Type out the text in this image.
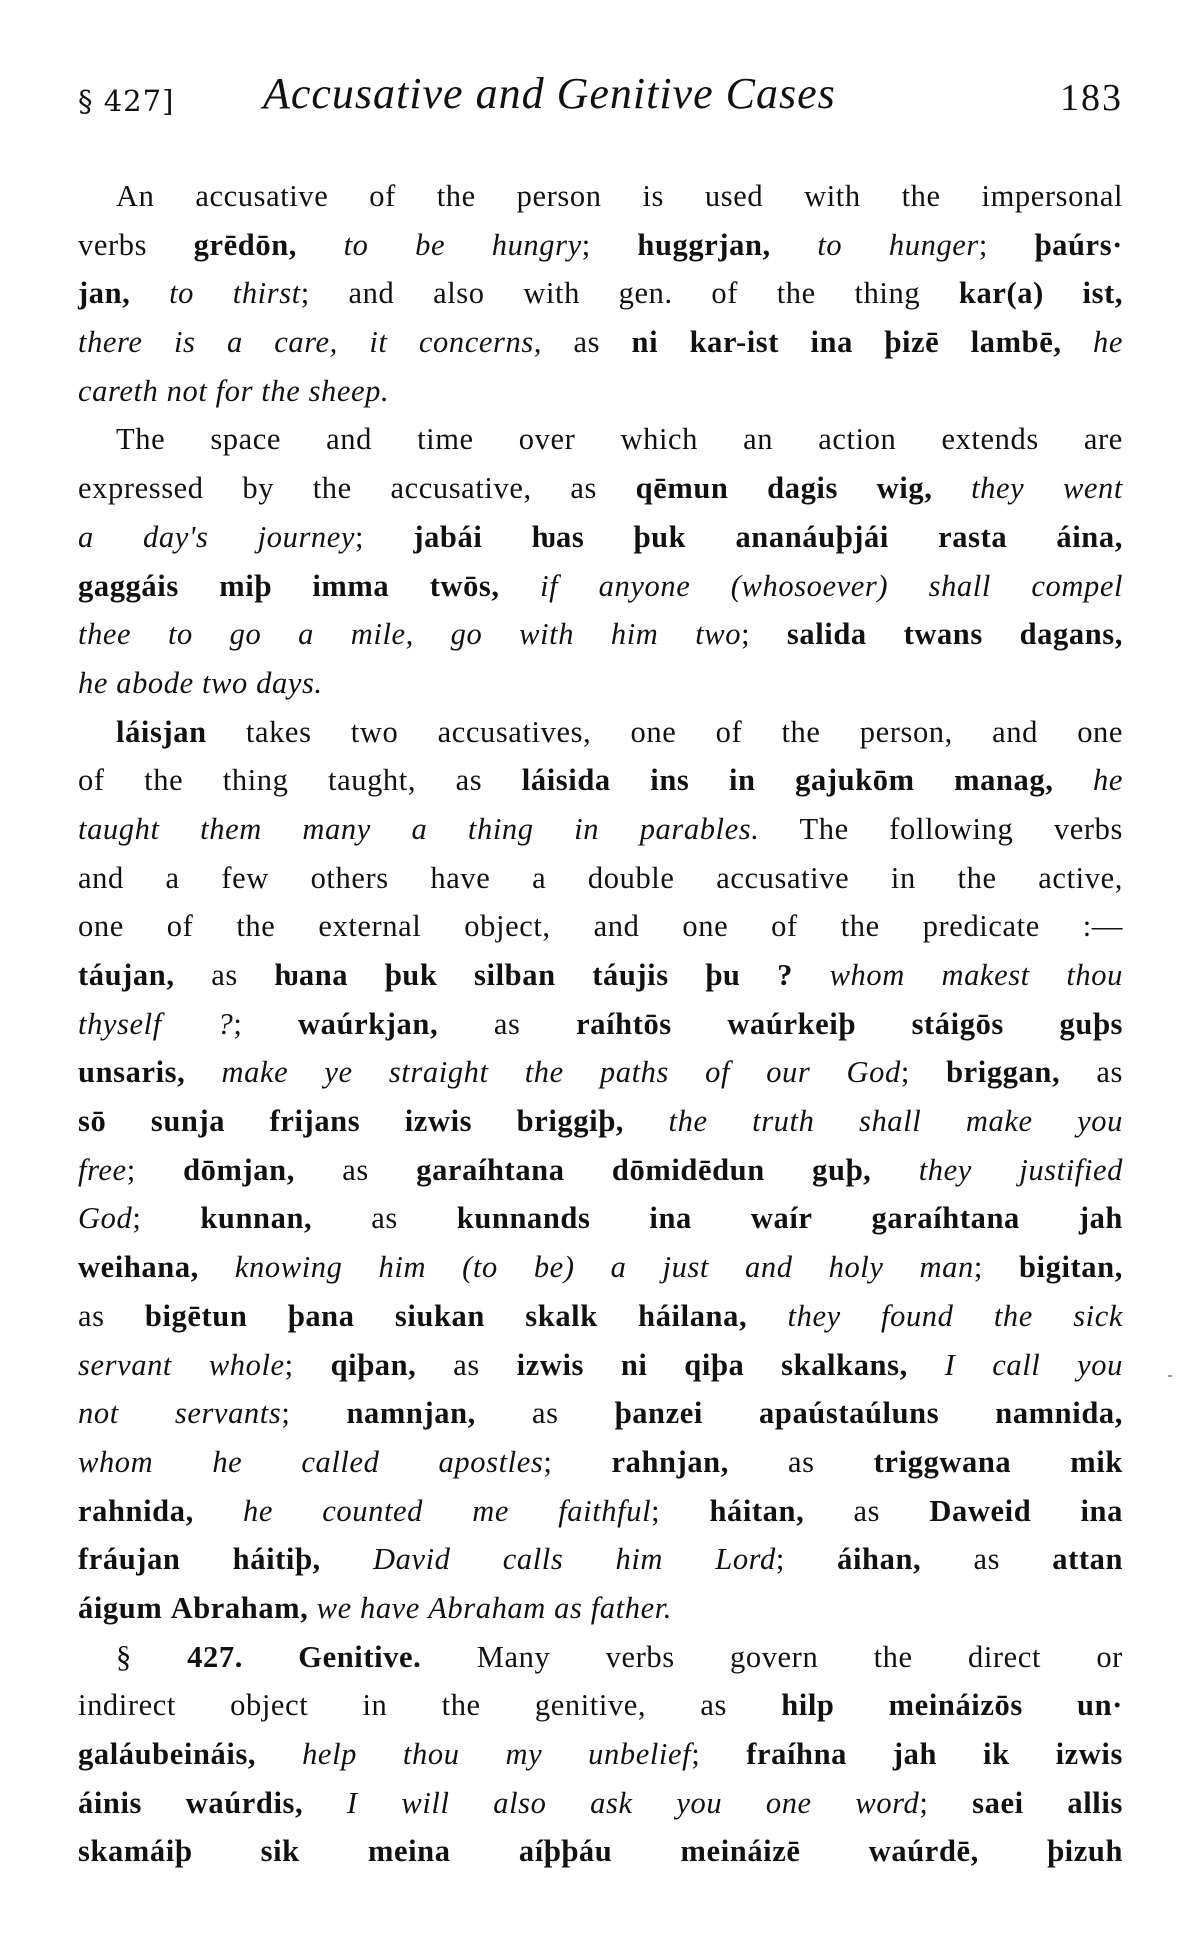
§ 427] Accusative and Genitive Cases	183
An accusative of the person is used with the impersonal
verbs grēdōn, to be hungry; huggrjan, to hunger; þaúrs·
jan, to thirst; and also with gen. of the thing kar(a) ist,
there is a care, it concerns, as ni kar-ist ina þizē lambē, he
careth not for the sheep.
The space and time over which an action extends are
expressed by the accusative, as qēmun dagis wig, they went
a day's journey; jabái ƕas þuk ananáuþjái rasta áina,
gaggáis miþ imma twōs, if anyone (whosoever) shall compel
thee to go a mile, go with him two; salida twans dagans,
he abode two days.
láisjan takes two accusatives, one of the person, and one
of the thing taught, as láisida ins in gajukōm manag, he
taught them many a thing in parables. The following verbs
and a few others have a double accusative in the active,
one of the external object, and one of the predicate :—
táujan, as ƕana þuk silban táujis þu ? whom makest thou
thyself ?; waúrkjan, as raíhtōs waúrkeiþ stáigōs guþs
unsaris, make ye straight the paths of our God; briggan, as
sō sunja frijans izwis briggiþ, the truth shall make you
free; dōmjan, as garaíhtana dōmidēdun guþ, they justified
God; kunnan, as kunnands ina waír garaíhtana jah
weihana, knowing him (to be) a just and holy man; bigitan,
as bigētun þana siukan skalk háilana, they found the sick
servant whole; qiþan, as izwis ni qiþa skalkans, I call you
not servants; namnjan, as þanzei apaústaúluns namnida,
whom he called apostles; rahnjan, as triggwana mik
rahnida, he counted me faithful; háitan, as Daweid ina
fráujan háitiþ, David calls him Lord; áihan, as attan
áigum Abraham, we have Abraham as father.
§ 427. Genitive. Many verbs govern the direct or
indirect object in the genitive, as hilp meináizōs un·
galáubeináis, help thou my unbelief; fraíhna jah ik izwis
áinis waúrdis, I will also ask you one word; saei allis
skamáiþ sik meina aíþþáu meináizē waúrdē, þizuh
